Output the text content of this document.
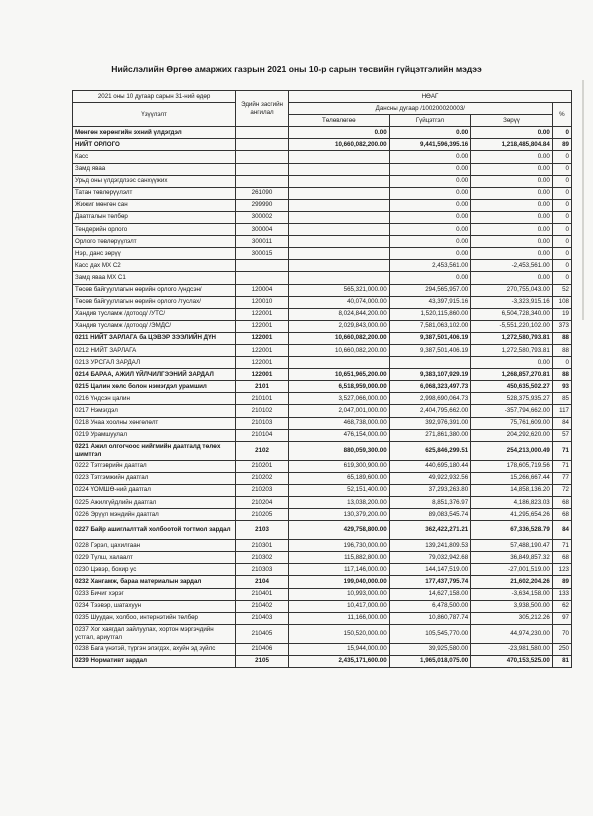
Нийслэлийн Өргөө амаржих газрын 2021 оны 10-р сарын төсвийн гүйцэтгэлийн мэдээ
2021 оны 10 дугаар сарын 31-ний өдөр	Эдийн засгийн ангилал	НӨАГ			
Үзүүлэлт		Дансны дугаар /100200020003/			%
		Төлөвлөгөө	Гүйцэтгэл	Зөрүү	
Мөнгөн хөрөнгийн эхний үлдэгдэл		0.00	0.00	0.00	0
НИЙТ ОРЛОГО		10,660,082,200.00	9,441,596,395.16	1,218,485,804.84	89
Касс			0.00	0.00	0
Замд яваа			0.00	0.00	0
Урьд оны үлдэгдлээс санхүүжих			0.00	0.00	0
Татан төвлөрүүлэлт	261090		0.00	0.00	0
Жижиг мөнгөн сан	299990		0.00	0.00	0
Даатгалын төлбөр	300002		0.00	0.00	0
Тендерийн орлого	300004		0.00	0.00	0
Орлого төвлөрүүлэлт	300011		0.00	0.00	0
Нэр, данс зөрүү	300015		0.00	0.00	0
Касс дах МХ С2			2,453,561.00	-2,453,561.00	0
Замд яваа МХ С1			0.00	0.00	0
Төсөв байгууллагын өөрийн орлого /үндсэн/	120004	565,321,000.00	294,565,957.00	270,755,043.00	52
Төсөв байгууллагын өөрийн орлого /туслах/	120010	40,074,000.00	43,397,915.16	-3,323,915.16	108
Хандив тусламж /дотоод/ /УТС/	122001	8,024,844,200.00	1,520,115,860.00	6,504,728,340.00	19
Хандив тусламж /дотоод/ /ЭМДС/	122001	2,029,843,000.00	7,581,063,102.00	-5,551,220,102.00	373
0211 НИЙТ ЗАРЛАГА ба ЦЭВЭР ЗЭЭЛИЙН ДҮН	122001	10,660,082,200.00	9,387,501,406.19	1,272,580,793.81	88
0212 НИЙТ ЗАРЛАГА	122001	10,660,082,200.00	9,387,501,406.19	1,272,580,793.81	88
0213 УРСГАЛ ЗАРДАЛ	122001			0.00	0
0214 БАРАА, АЖИЛ ҮЙЛЧИЛГЭЭНИЙ ЗАРДАЛ	122001	10,651,965,200.00	9,383,107,929.19	1,268,857,270.81	88
0215 Цалин хөлс болон нэмэгдэл урамшил	2101	6,518,959,000.00	6,068,323,497.73	450,635,502.27	93
0216 Үндсэн цалин	210101	3,527,066,000.00	2,998,690,064.73	528,375,935.27	85
0217 Нэмэгдэл	210102	2,047,001,000.00	2,404,795,662.00	-357,794,662.00	117
0218 Унаа хоолны хөнгөлөлт	210103	468,738,000.00	392,976,391.00	75,761,609.00	84
0219 Урамшуулал	210104	476,154,000.00	271,861,380.00	204,292,620.00	57
0221 Ажил олгогчоос нийгмийн даатгалд төлөх шимтгэл	2102	880,059,300.00	625,846,299.51	254,213,000.49	71
0222 Тэтгэврийн даатгал	210201	619,300,900.00	440,695,180.44	178,605,719.56	71
0223 Тэтгэмжийн даатгал	210202	65,189,600.00	49,922,932.56	15,266,667.44	77
0224 ҮОМШӨ-ний даатгал	210203	52,151,400.00	37,293,263.80	14,858,136.20	72
0225 Ажилгүйдлийн даатгал	210204	13,038,200.00	8,851,376.97	4,186,823.03	68
0226 Эрүүл мэндийн даатгал	210205	130,379,200.00	89,083,545.74	41,295,654.26	68
0227 Байр ашиглалттай холбоотой тогтмол зардал	2103	429,758,800.00	362,422,271.21	67,336,528.79	84
0228 Гэрэл, цахилгаан	210301	196,730,000.00	139,241,809.53	57,488,190.47	71
0229 Түлш, халаалт	210302	115,882,800.00	79,032,942.68	36,849,857.32	68
0230 Цэвэр, бохир ус	210303	117,146,000.00	144,147,519.00	-27,001,519.00	123
0232 Хангамж, бараа материалын зардал	2104	199,040,000.00	177,437,795.74	21,602,204.26	89
0233 Бичиг хэрэг	210401	10,993,000.00	14,627,158.00	-3,634,158.00	133
0234 Тээвэр, шатахуун	210402	10,417,000.00	6,478,500.00	3,938,500.00	62
0235 Шуудан, холбоо, интернэтийн төлбөр	210403	11,166,000.00	10,860,787.74	305,212.26	97
0237 Хог хаягдал зайлуулах, хортон мэргэчдийн устгал, ариутгал	210405	150,520,000.00	105,545,770.00	44,974,230.00	70
0238 Бага үнэтэй, түргэн элэгдэх, ахуйн эд зүйлс	210406	15,944,000.00	39,925,580.00	-23,981,580.00	250
0239 Нормативт зардал	2105	2,435,171,600.00	1,965,018,075.00	470,153,525.00	81
